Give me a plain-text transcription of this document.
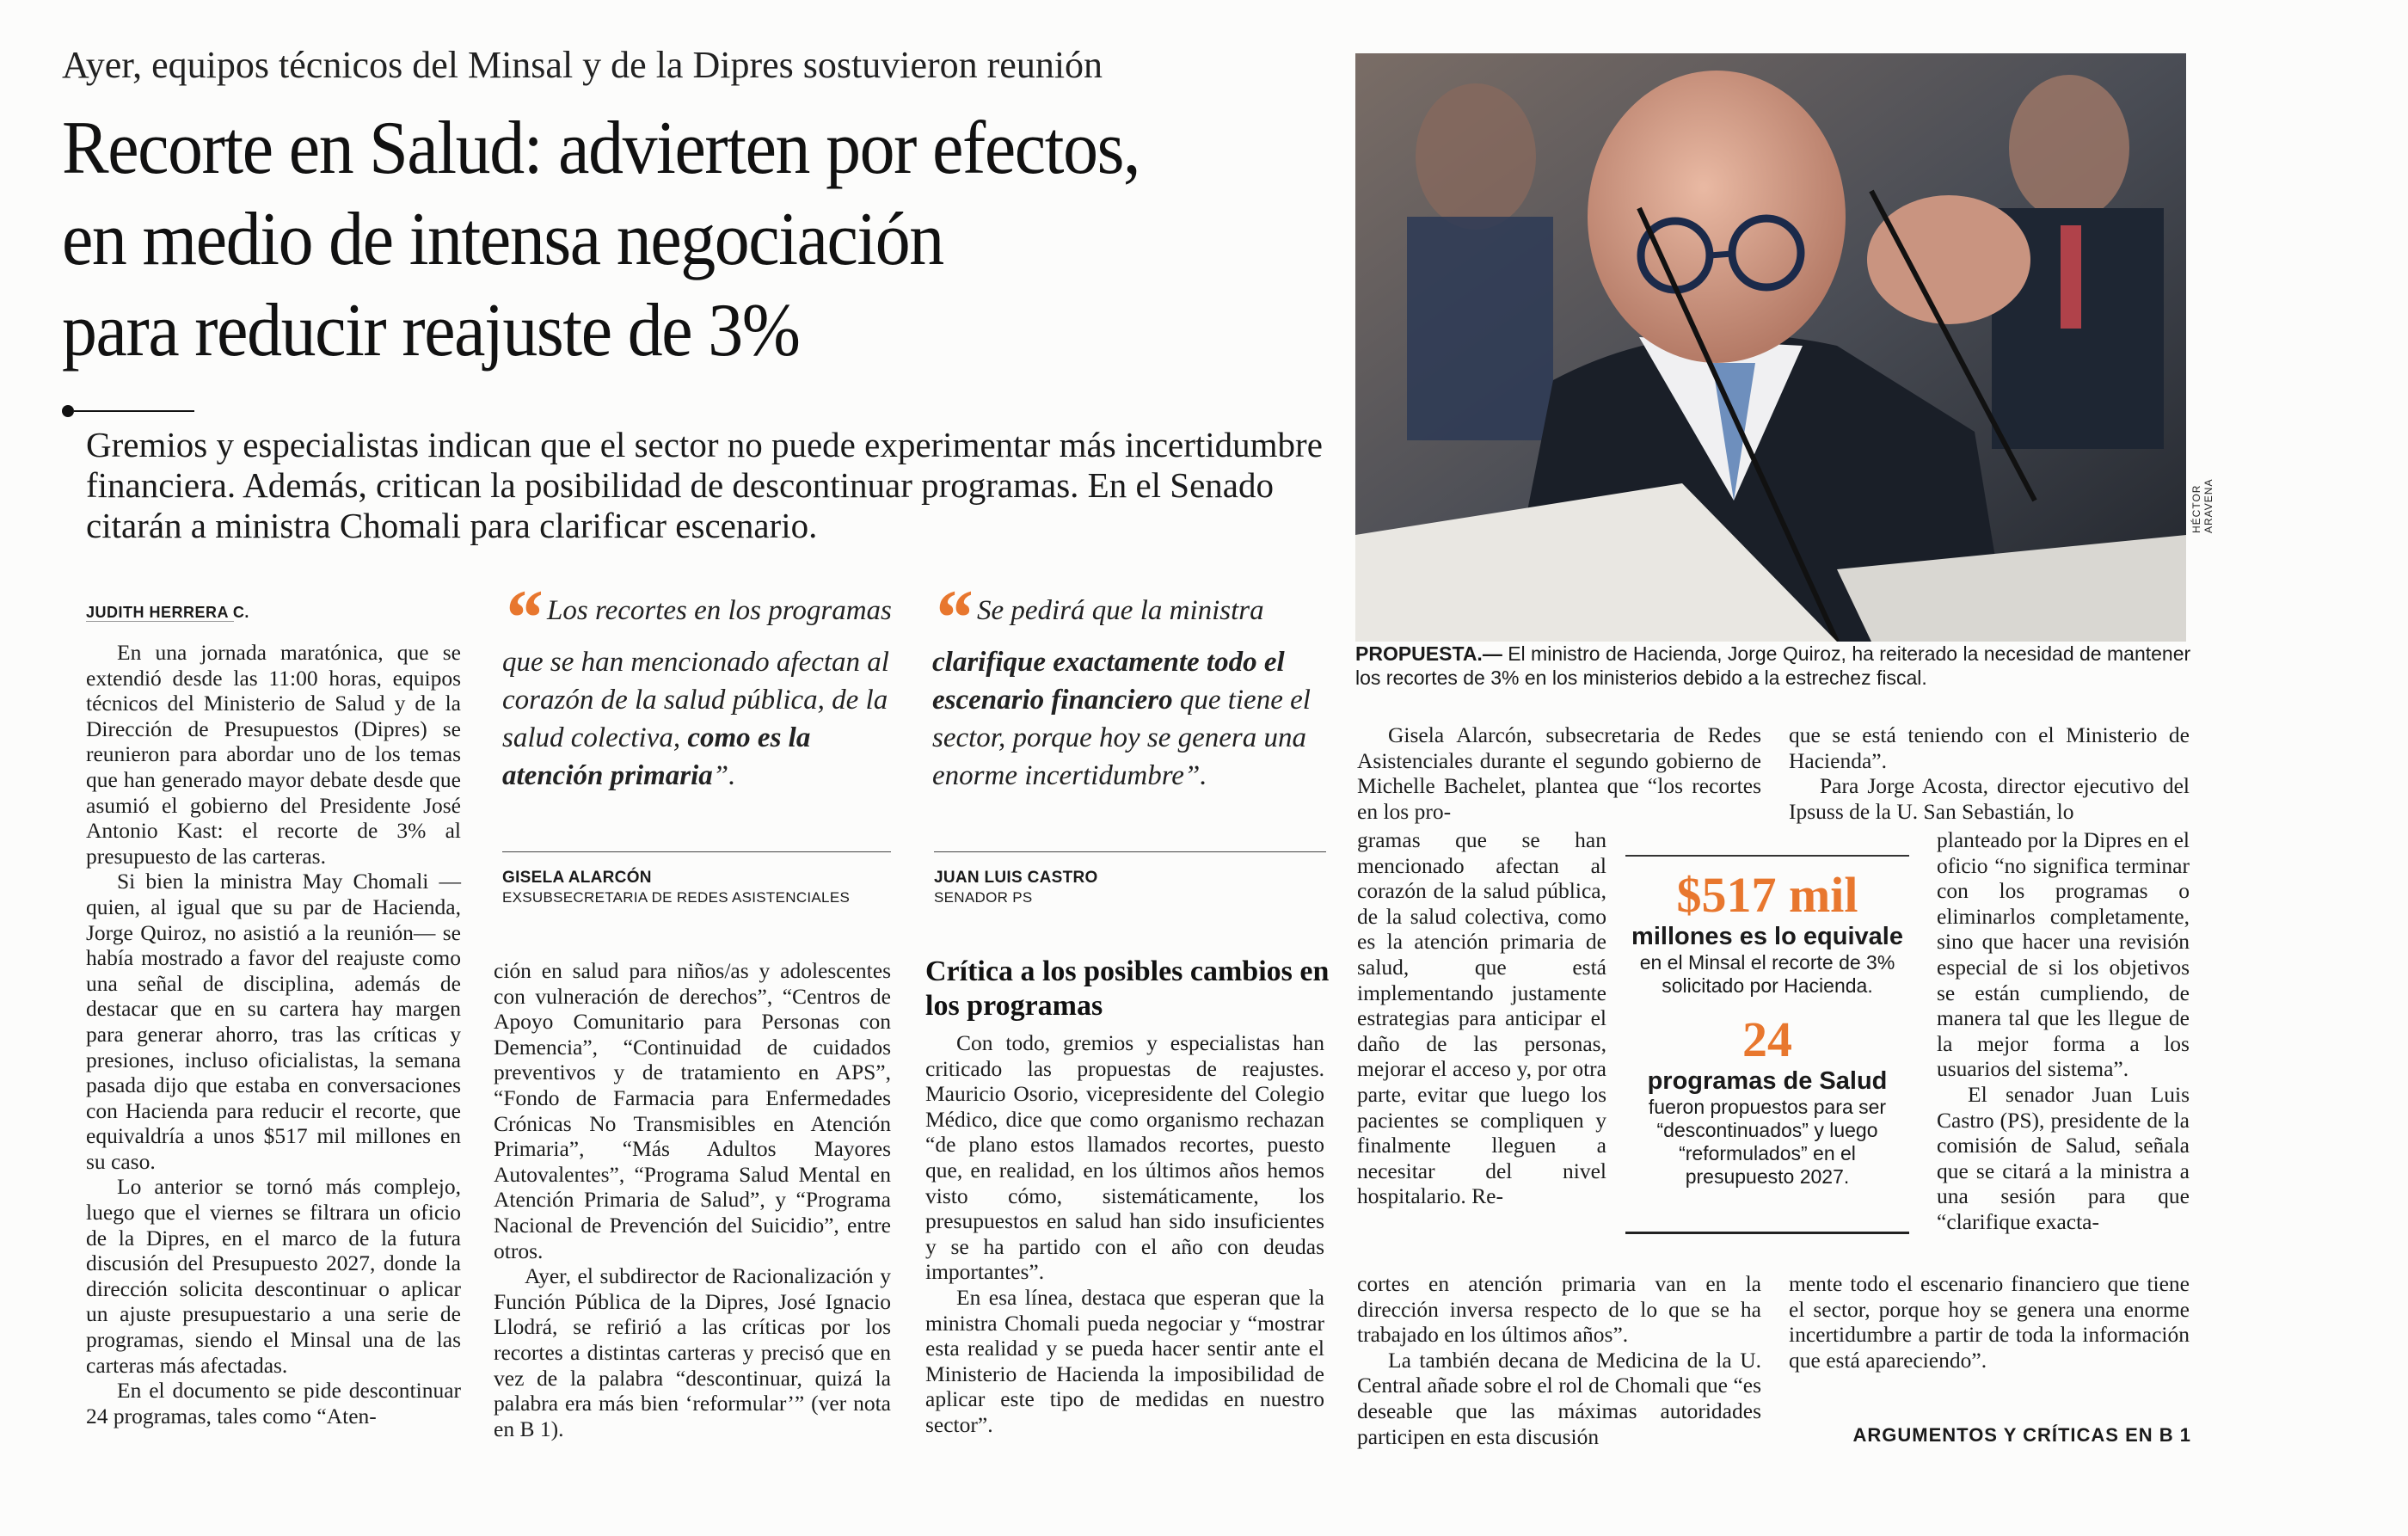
Ayer, equipos técnicos del Minsal y de la Dipres sostuvieron reunión
Recorte en Salud: advierten por efectos,
en medio de intensa negociación
para reducir reajuste de 3%
Gremios y especialistas indican que el sector no puede experimentar más incertidumbre financiera. Además, critican la posibilidad de descontinuar programas. En el Senado citarán a ministra Chomali para clarificar escenario.
JUDITH HERRERA C.

En una jornada maratónica, que se extendió desde las 11:00 horas, equipos técnicos del Ministerio de Salud y de la Dirección de Presupuestos (Dipres) se reunieron para abordar uno de los temas que han generado mayor debate desde que asumió el gobierno del Presidente José Antonio Kast: el recorte de 3% al presupuesto de las carteras.

Si bien la ministra May Chomali —quien, al igual que su par de Hacienda, Jorge Quiroz, no asistió a la reunión— se había mostrado a favor del reajuste como una señal de disciplina, además de destacar que en su cartera hay margen para generar ahorro, tras las críticas y presiones, incluso oficialistas, la semana pasada dijo que estaba en conversaciones con Hacienda para reducir el recorte, que equivaldría a unos $517 mil millones en su caso.

Lo anterior se tornó más complejo, luego que el viernes se filtrara un oficio de la Dipres, en el marco de la futura discusión del Presupuesto 2027, donde la dirección solicita descontinuar o aplicar un ajuste presupuestario a una serie de programas, siendo el Minsal una de las carteras más afectadas.

En el documento se pide descontinuar 24 programas, tales como “Aten-

“ Los recortes en los programas que se han mencionado afectan al corazón de la salud pública, de la salud colectiva, como es la atención primaria”.
GISELA ALARCÓN
EXSUBSECRETARIA DE REDES ASISTENCIALES
“ Se pedirá que la ministra clarifique exactamente todo el escenario financiero que tiene el sector, porque hoy se genera una enorme incertidumbre”.
JUAN LUIS CASTRO
SENADOR PS

ción en salud para niños/as y adolescentes con vulneración de derechos”, “Centros de Apoyo Comunitario para Personas con Demencia”, “Continuidad de cuidados preventivos y de tratamiento en APS”, “Fondo de Farmacia para Enfermedades Crónicas No Transmisibles en Atención Primaria”, “Más Adultos Mayores Autovalentes”, “Programa Salud Mental en Atención Primaria de Salud”, y “Programa Nacional de Prevención del Suicidio”, entre otros.

Ayer, el subdirector de Racionalización y Función Pública de la Dipres, José Ignacio Llodrá, se refirió a las críticas por los recortes a distintas carteras y precisó que en vez de la palabra “descontinuar, quizá la palabra era más bien ‘reformular’” (ver nota en B 1).

Crítica a los posibles cambios en los programas

Con todo, gremios y especialistas han criticado las propuestas de reajustes. Mauricio Osorio, vicepresidente del Colegio Médico, dice que como organismo rechazan “de plano estos llamados recortes, puesto que, en realidad, en los últimos años hemos visto cómo, sistemáticamente, los presupuestos en salud han sido insuficientes y se ha partido con el año con deudas importantes”.

En esa línea, destaca que esperan que la ministra Chomali pueda negociar y “mostrar esta realidad y se pueda hacer sentir ante el Ministerio de Hacienda la imposibilidad de aplicar este tipo de medidas en nuestro sector”.

HÉCTOR ARAVENA
PROPUESTA.— El ministro de Hacienda, Jorge Quiroz, ha reiterado la necesidad de mantener los recortes de 3% en los ministerios debido a la estrechez fiscal.

Gisela Alarcón, subsecretaria de Redes Asistenciales durante el segundo gobierno de Michelle Bachelet, plantea que “los recortes en los pro-

gramas que se han mencionado afectan al corazón de la salud pública, de la salud colectiva, como es la atención primaria de salud, que está implementando justamente estrategias para anticipar el daño de las personas, mejorar el acceso y, por otra parte, evitar que luego los pacientes se compliquen y finalmente lleguen a necesitar del nivel hospitalario. Re-

cortes en atención primaria van en la dirección inversa respecto de lo que se ha trabajado en los últimos años”.

La también decana de Medicina de la U. Central añade sobre el rol de Chomali que “es deseable que las máximas autoridades participen en esta discusión

$517 mil
millones es lo equivale
en el Minsal el recorte de 3% solicitado por Hacienda.
24
programas de Salud
fueron propuestos para ser “descontinuados” y luego “reformulados” en el presupuesto 2027.

que se está teniendo con el Ministerio de Hacienda”.

Para Jorge Acosta, director ejecutivo del Ipsuss de la U. San Sebastián, lo

planteado por la Dipres en el oficio “no significa terminar con los programas o eliminarlos completamente, sino que hacer una revisión especial de si los objetivos se están cumpliendo, de manera tal que les llegue de la mejor forma a los usuarios del sistema”.

El senador Juan Luis Castro (PS), presidente de la comisión de Salud, señala que se citará a la ministra a una sesión para que “clarifique exacta-

mente todo el escenario financiero que tiene el sector, porque hoy se genera una enorme incertidumbre a partir de toda la información que está apareciendo”.

ARGUMENTOS Y CRÍTICAS EN B 1
